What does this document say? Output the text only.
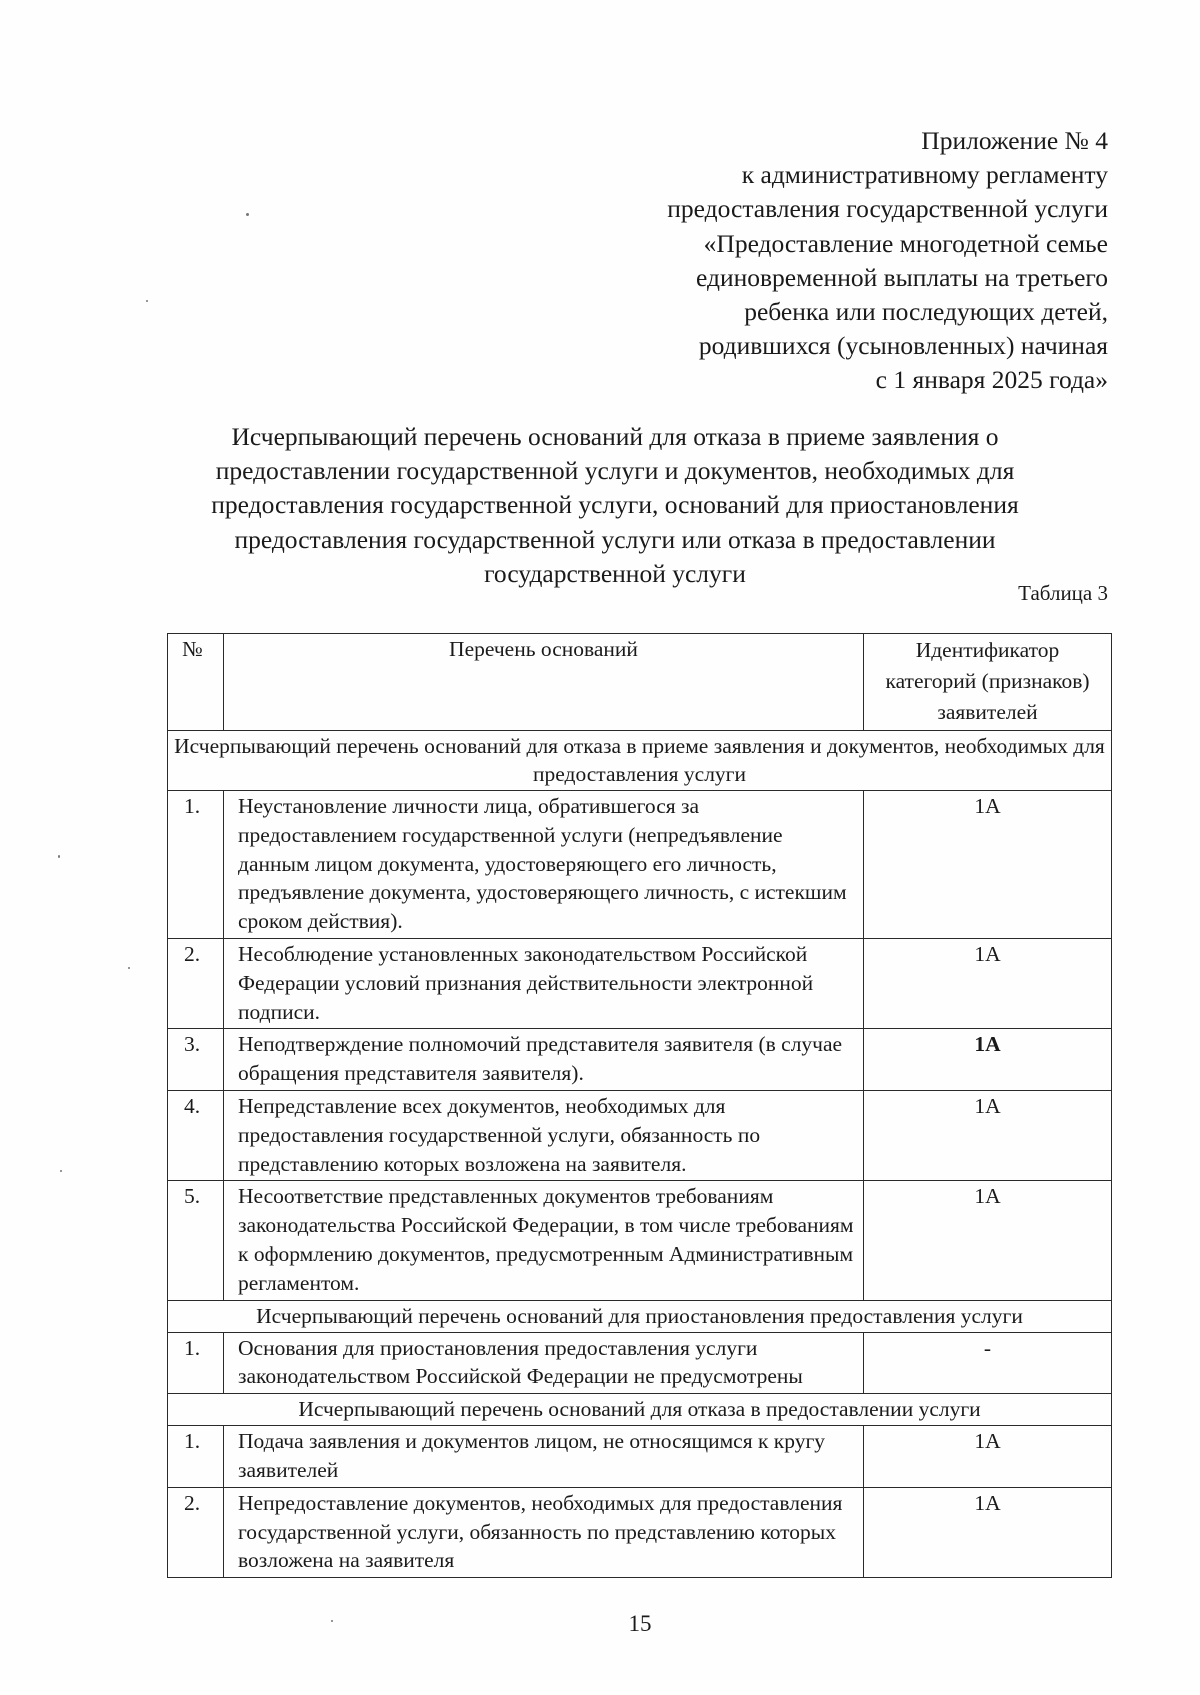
Приложение № 4
к административному регламенту
предоставления государственной услуги
«Предоставление многодетной семье
единовременной выплаты на третьего
ребенка или последующих детей,
родившихся (усыновленных) начиная
с 1 января 2025 года»
Исчерпывающий перечень оснований для отказа в приеме заявления о
предоставлении государственной услуги и документов, необходимых для
предоставления государственной услуги, оснований для приостановления
предоставления государственной услуги или отказа в предоставлении
государственной услуги
Таблица 3
№	Перечень оснований	Идентификатор категорий (признаков) заявителей
Исчерпывающий перечень оснований для отказа в приеме заявления и документов, необходимых для предоставления услуги		
1.	Неустановление личности лица, обратившегося за предоставлением государственной услуги (непредъявление данным лицом документа, удостоверяющего его личность, предъявление документа, удостоверяющего личность, с истекшим сроком действия).	1А
2.	Несоблюдение установленных законодательством Российской Федерации условий признания действительности электронной подписи.	1А
3.	Неподтверждение полномочий представителя заявителя (в случае обращения представителя заявителя).	1А
4.	Непредставление всех документов, необходимых для предоставления государственной услуги, обязанность по представлению которых возложена на заявителя.	1А
5.	Несоответствие представленных документов требованиям законодательства Российской Федерации, в том числе требованиям к оформлению документов, предусмотренным Административным регламентом.	1А
Исчерпывающий перечень оснований для приостановления предоставления услуги		
1.	Основания для приостановления предоставления услуги законодательством Российской Федерации не предусмотрены	-
Исчерпывающий перечень оснований для отказа в предоставлении услуги		
1.	Подача заявления и документов лицом, не относящимся к кругу заявителей	1А
2.	Непредоставление документов, необходимых для предоставления государственной услуги, обязанность по представлению которых возложена на заявителя	1А
15
